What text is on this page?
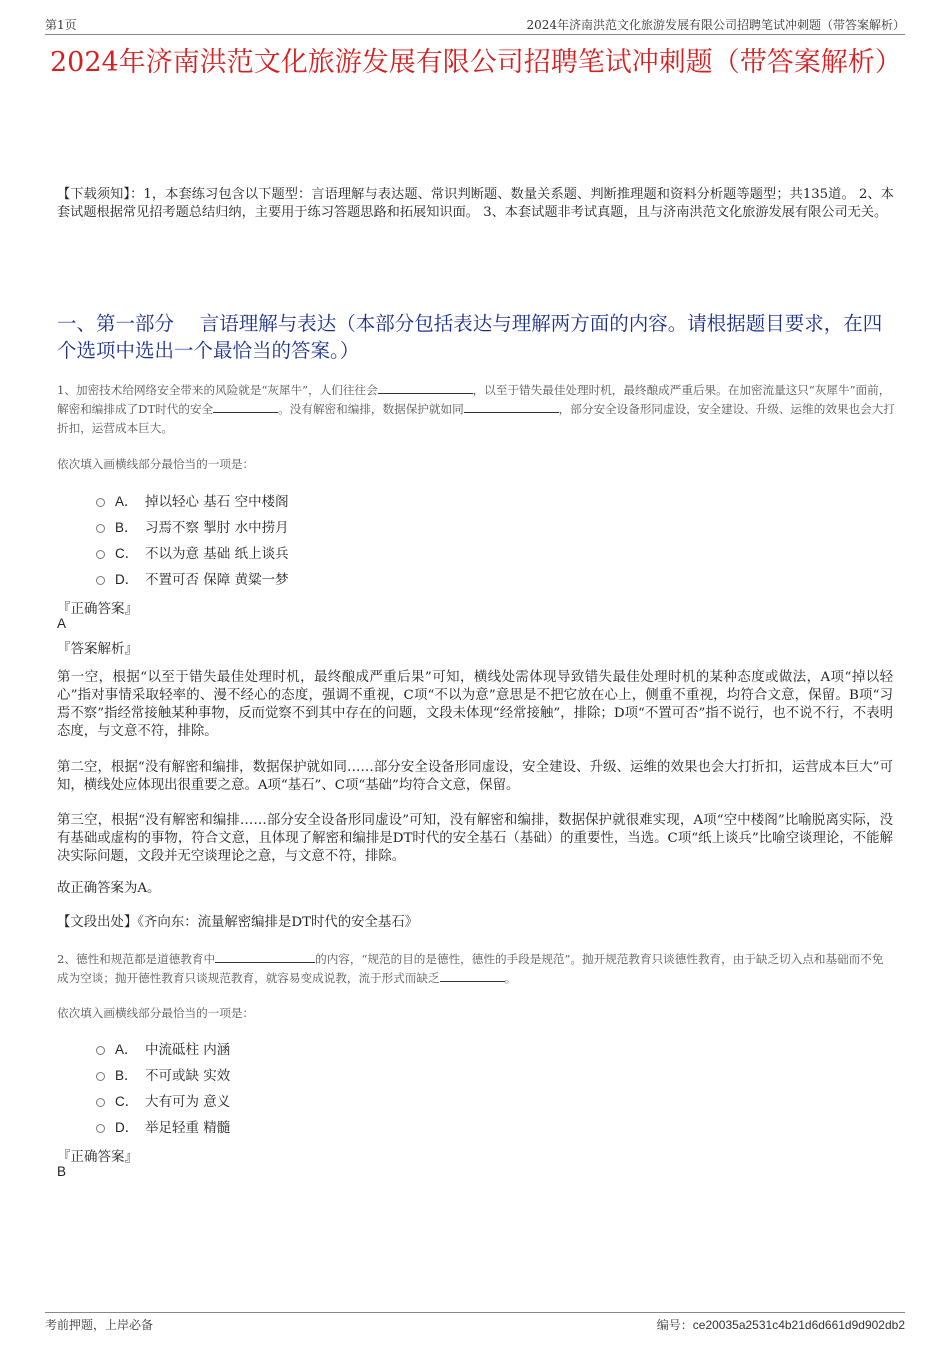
第1页	2024年济南洪范文化旅游发展有限公司招聘笔试冲刺题（带答案解析）
2024年济南洪范文化旅游发展有限公司招聘笔试冲刺题（带答案解析）

【下载须知】：1，本套练习包含以下题型：言语理解与表达题、常识判断题、数量关系题、判断推理题和资料分析题等题型；共135道。 2、本套试题根据常见招考题总结归纳，主要用于练习答题思路和拓展知识面。 3、本套试题非考试真题，且与济南洪范文化旅游发展有限公司无关。

一、第一部分　 言语理解与表达（本部分包括表达与理解两方面的内容。请根据题目要求，在四个选项中选出一个最恰当的答案。）

1、加密技术给网络安全带来的风险就是“灰犀牛”，人们往往会	，以至于错失最佳处理时机，最终酿成严重后果。在加密流量这只“灰犀牛”面前，解密和编排成了DT时代的安全	。没有解密和编排，数据保护就如同	，部分安全设备形同虚设，安全建设、升级、运维的效果也会大打折扣，运营成本巨大。

依次填入画横线部分最恰当的一项是：

A． 掉以轻心 基石 空中楼阁
B． 习焉不察 掣肘 水中捞月
C． 不以为意 基础 纸上谈兵
D． 不置可否 保障 黄粱一梦

『正确答案』

A

『答案解析』

第一空，根据“以至于错失最佳处理时机，最终酿成严重后果”可知，横线处需体现导致错失最佳处理时机的某种态度或做法，A项“掉以轻心”指对事情采取轻率的、漫不经心的态度，强调不重视，C项“不以为意”意思是不把它放在心上，侧重不重视，均符合文意，保留。B项“习焉不察”指经常接触某种事物，反而觉察不到其中存在的问题，文段未体现“经常接触”，排除；D项“不置可否”指不说行，也不说不行，不表明态度，与文意不符，排除。

第二空，根据“没有解密和编排，数据保护就如同……部分安全设备形同虚设，安全建设、升级、运维的效果也会大打折扣，运营成本巨大”可知，横线处应体现出很重要之意。A项“基石”、C项“基础”均符合文意，保留。

第三空，根据“没有解密和编排……部分安全设备形同虚设”可知，没有解密和编排，数据保护就很难实现，A项“空中楼阁”比喻脱离实际，没有基础或虚构的事物，符合文意，且体现了解密和编排是DT时代的安全基石（基础）的重要性，当选。C项“纸上谈兵”比喻空谈理论，不能解决实际问题，文段并无空谈理论之意，与文意不符，排除。

故正确答案为A。

【文段出处】《齐向东：流量解密编排是DT时代的安全基石》

2、德性和规范都是道德教育中	的内容，“规范的目的是德性，德性的手段是规范”。抛开规范教育只谈德性教育，由于缺乏切入点和基础而不免成为空谈；抛开德性教育只谈规范教育，就容易变成说教，流于形式而缺乏	。

依次填入画横线部分最恰当的一项是：

A． 中流砥柱 内涵
B． 不可或缺 实效
C． 大有可为 意义
D． 举足轻重 精髓

『正确答案』

B

考前押题，上岸必备	编号：ce20035a2531c4b21d6d661d9d902db2
